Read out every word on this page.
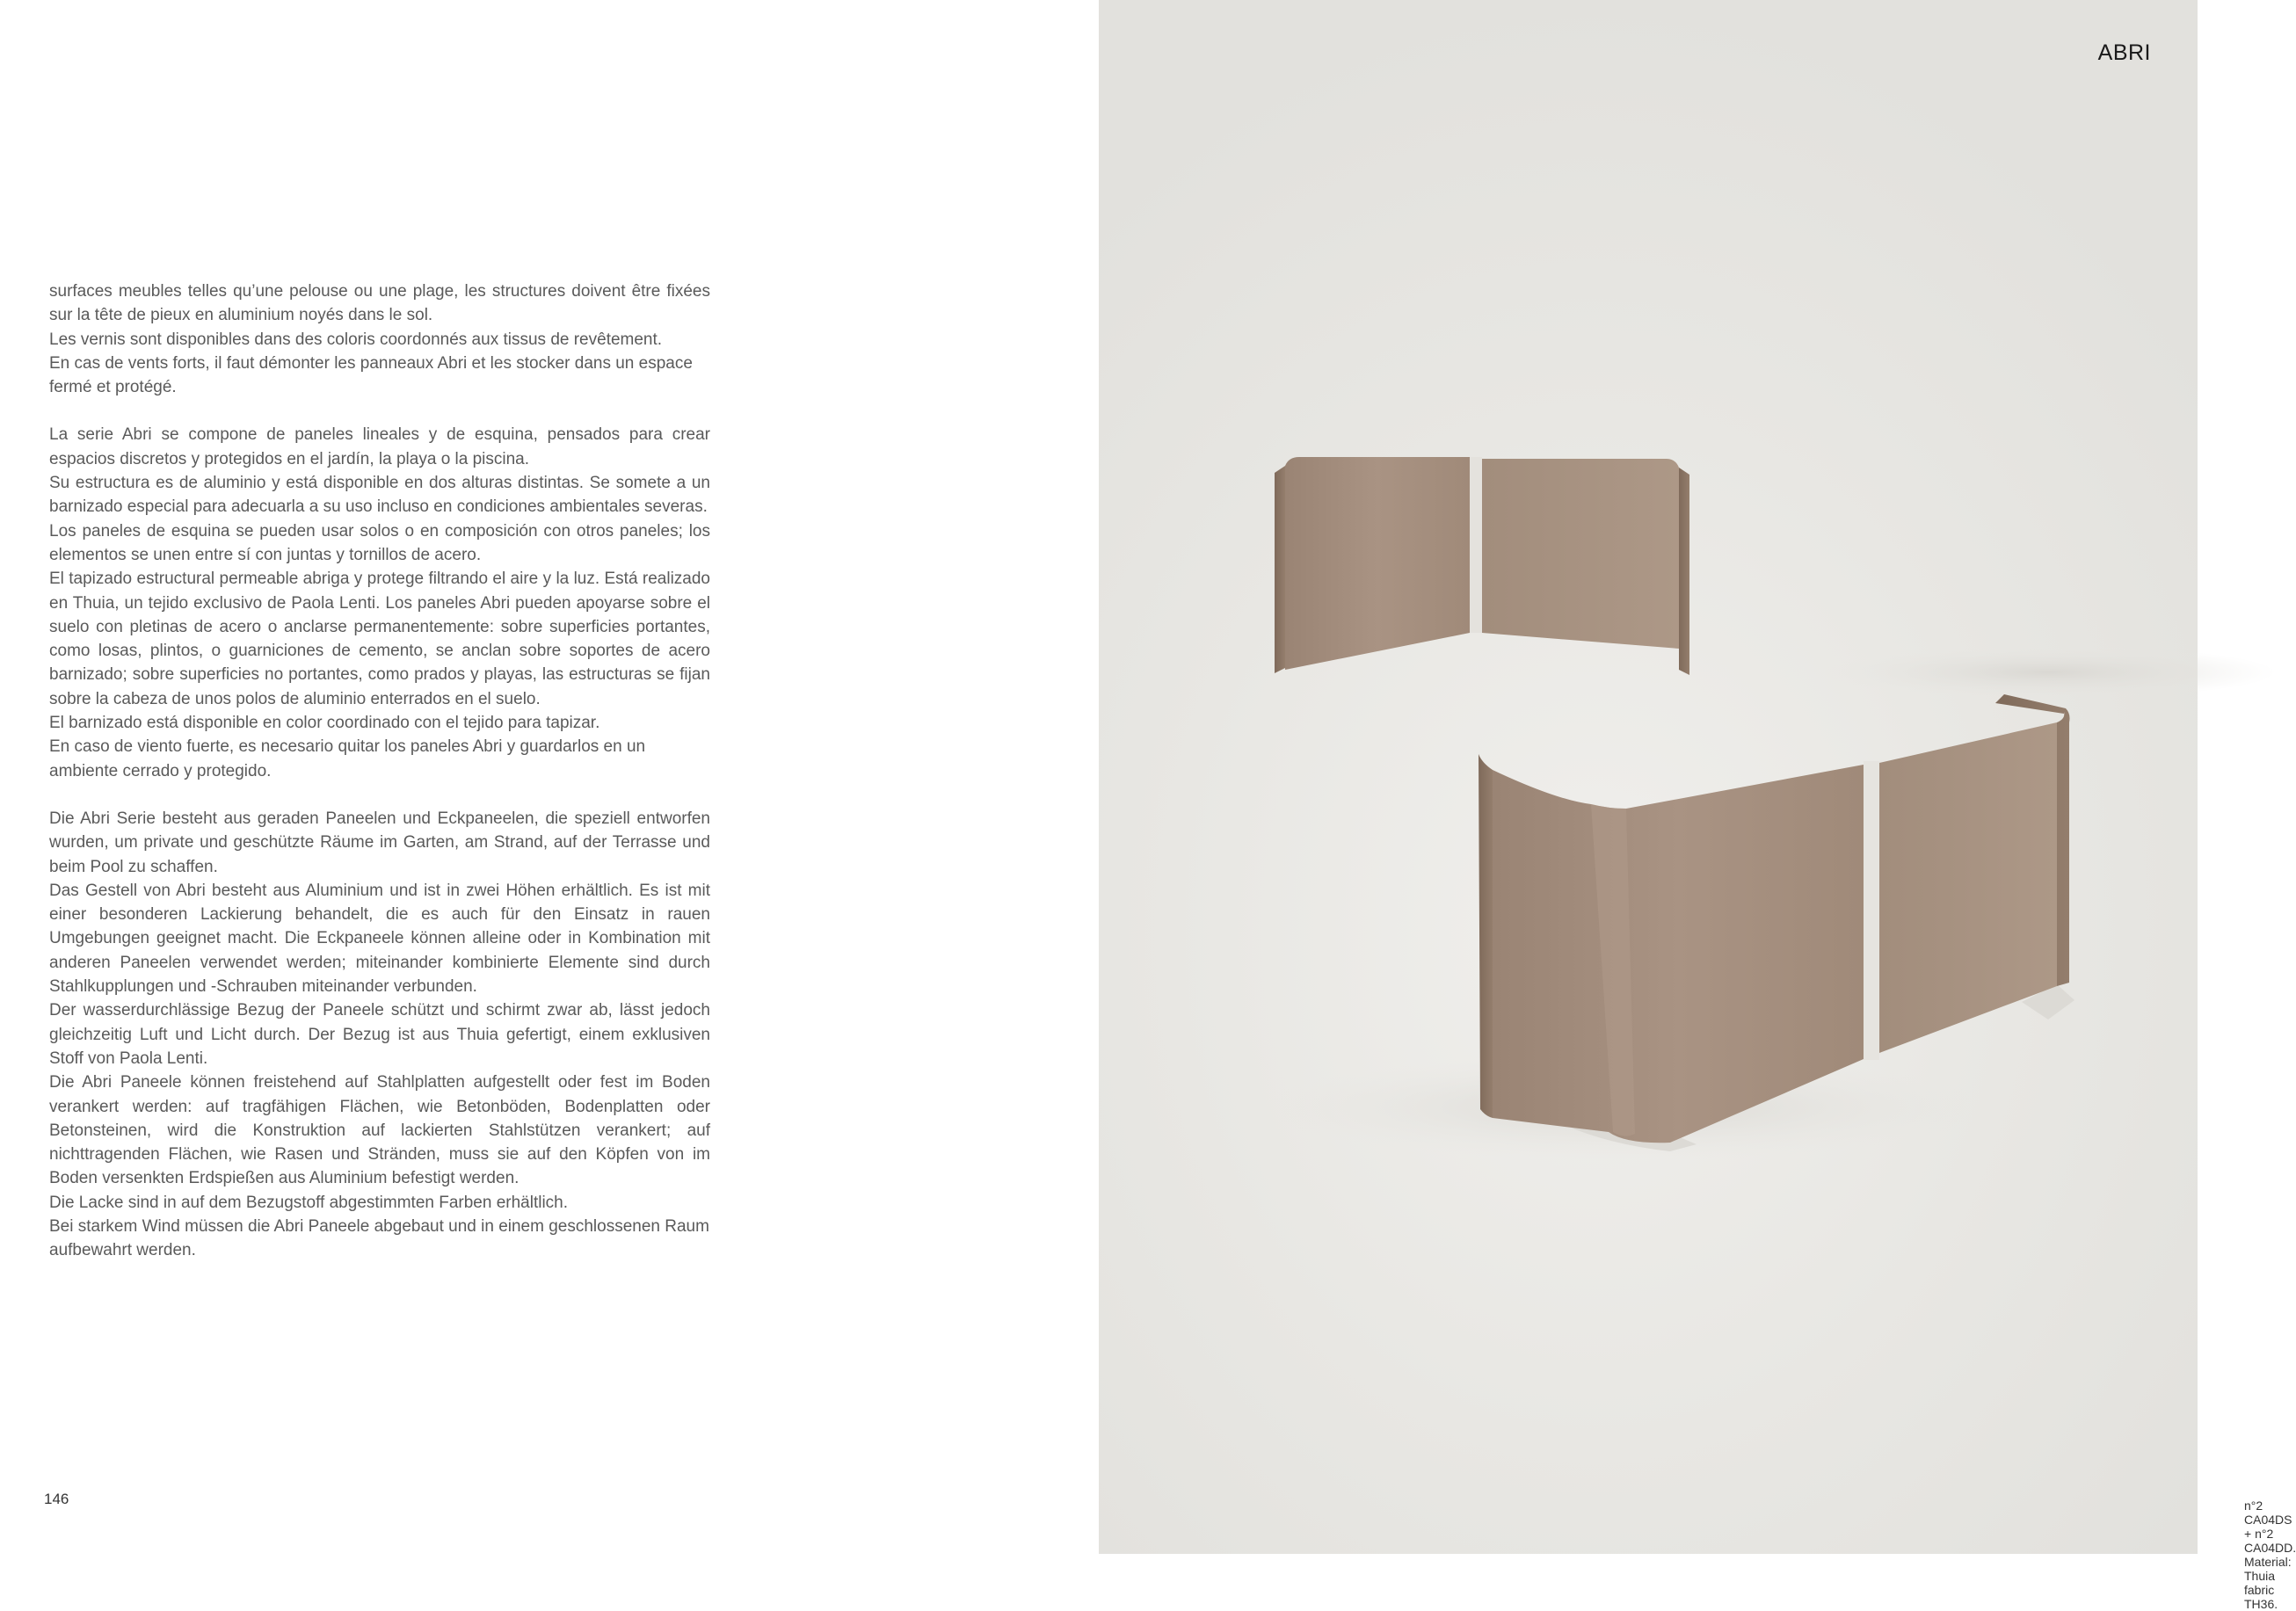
surfaces meubles telles qu’une pelouse ou une plage, les structures doivent être fixées sur la tête de pieux en aluminium noyés dans le sol.

Les vernis sont disponibles dans des coloris coordonnés aux tissus de revêtement.

En cas de vents forts, il faut démonter les panneaux Abri et les stocker dans un espace fermé et protégé.

La serie Abri se compone de paneles lineales y de esquina, pensados para crear espacios discretos y protegidos en el jardín, la playa o la piscina.

Su estructura es de aluminio y está disponible en dos alturas distintas. Se somete a un barnizado especial para adecuarla a su uso incluso en condiciones ambientales severas.

Los paneles de esquina se pueden usar solos o en composición con otros paneles; los elementos se unen entre sí con juntas y tornillos de acero.

El tapizado estructural permeable abriga y protege filtrando el aire y la luz. Está realizado en Thuia, un tejido exclusivo de Paola Lenti. Los paneles Abri pueden apoyarse sobre el suelo con pletinas de acero o anclarse permanentemente: sobre superficies portantes, como losas, plintos, o guarniciones de cemento, se anclan sobre soportes de acero barnizado; sobre superficies no portantes, como prados y playas, las estructuras se fijan sobre la cabeza de unos polos de aluminio enterrados en el suelo.

El barnizado está disponible en color coordinado con el tejido para tapizar.

En caso de viento fuerte, es necesario quitar los paneles Abri y guardarlos en un ambiente cerrado y protegido.

Die Abri Serie besteht aus geraden Paneelen und Eckpaneelen, die speziell entworfen wurden, um private und geschützte Räume im Garten, am Strand, auf der Terrasse und beim Pool zu schaffen.

Das Gestell von Abri besteht aus Aluminium und ist in zwei Höhen erhältlich. Es ist mit einer besonderen Lackierung behandelt, die es auch für den Einsatz in rauen Umgebungen geeignet macht. Die Eckpaneele können alleine oder in Kombination mit anderen Paneelen verwendet werden; miteinander kombinierte Elemente sind durch Stahlkupplungen und -Schrauben miteinander verbunden.

Der wasserdurchlässige Bezug der Paneele schützt und schirmt zwar ab, lässt jedoch gleichzeitig Luft und Licht durch. Der Bezug ist aus Thuia gefertigt, einem exklusiven Stoff von Paola Lenti.

Die Abri Paneele können freistehend auf Stahlplatten aufgestellt oder fest im Boden verankert werden: auf tragfähigen Flächen, wie Betonböden, Bodenplatten oder Betonsteinen, wird die Konstruktion auf lackierten Stahlstützen verankert; auf nichttragenden Flächen, wie Rasen und Stränden, muss sie auf den Köpfen von im Boden versenkten Erdspießen aus Aluminium befestigt werden.

Die Lacke sind in auf dem Bezugstoff abgestimmten Farben erhältlich.

Bei starkem Wind müssen die Abri Paneele abgebaut und in einem geschlossenen Raum aufbewahrt werden.

146
ABRI
n°2 CA04DS + n°2 CA04DD. Material: Thuia fabric TH36.
